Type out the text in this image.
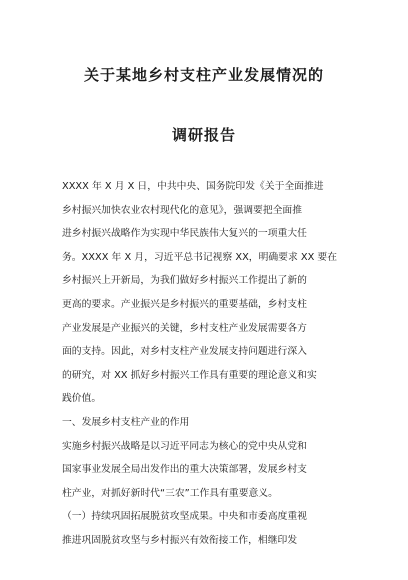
关于某地乡村支柱产业发展情况的
调研报告
XXXX 年 X 月 X 日，中共中央、国务院印发《关于全面推进
乡村振兴加快农业农村现代化的意见》，强调要把全面推
进乡村振兴战略作为实现中华民族伟大复兴的一项重大任
务。XXXX 年 X 月，习近平总书记视察 XX，明确要求 XX 要在
乡村振兴上开新局，为我们做好乡村振兴工作提出了新的
更高的要求。产业振兴是乡村振兴的重要基础，乡村支柱
产业发展是产业振兴的关键，乡村支柱产业发展需要各方
面的支持。因此，对乡村支柱产业发展支持问题进行深入
的研究，对 XX 抓好乡村振兴工作具有重要的理论意义和实
践价值。
一、发展乡村支柱产业的作用
实施乡村振兴战略是以习近平同志为核心的党中央从党和
国家事业发展全局出发作出的重大决策部署，发展乡村支
柱产业，对抓好新时代“三农”工作具有重要意义。
（一）持续巩固拓展脱贫攻坚成果。中央和市委高度重视
推进巩固脱贫攻坚与乡村振兴有效衔接工作，相继印发
